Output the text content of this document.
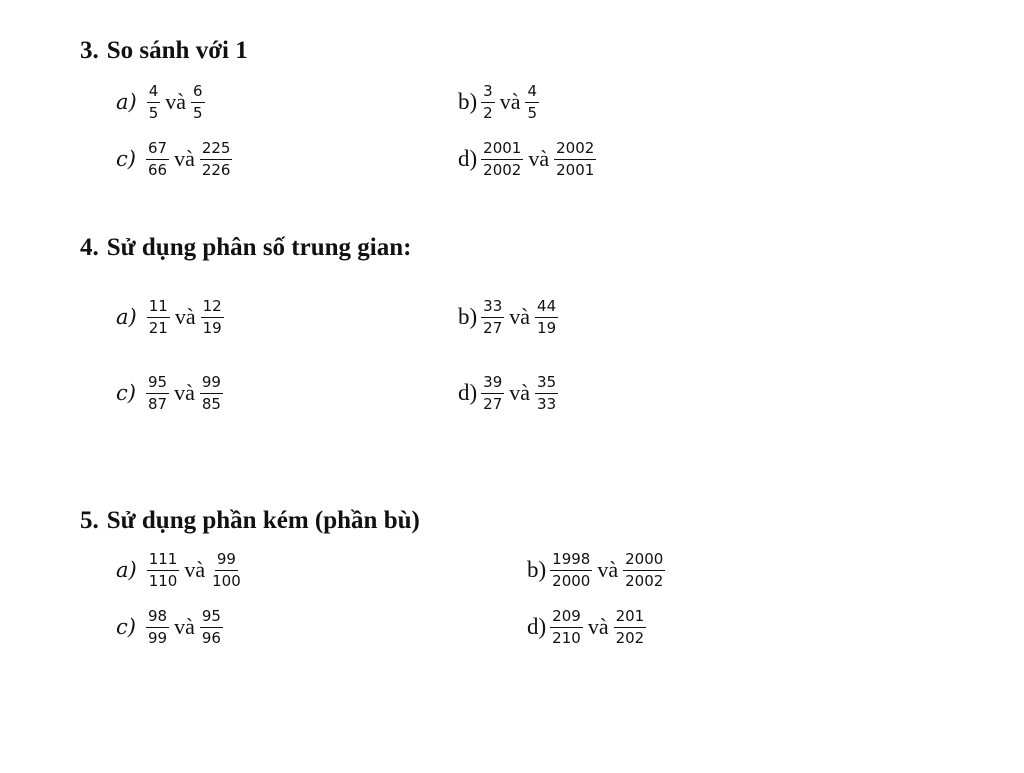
3. So sánh với 1
$a) \frac{4}{5}$ và $\frac{6}{5}$	$b) \frac{3}{2}$ và $\frac{4}{5}$
$c) \frac{67}{66}$ và $\frac{225}{226}$	$d) \frac{2001}{2002}$ và $\frac{2002}{2001}$
4. Sử dụng phân số trung gian:
$a) \frac{11}{21}$ và $\frac{12}{19}$	$b) \frac{33}{27}$ và $\frac{44}{19}$
$c) \frac{95}{87}$ và $\frac{99}{85}$	$d) \frac{39}{27}$ và $\frac{35}{33}$
5. Sử dụng phần kém (phần bù)
$a) \frac{111}{110}$ và $\frac{99}{100}$	$b) \frac{1998}{2000}$ và $\frac{2000}{2002}$
$c) \frac{98}{99}$ và $\frac{95}{96}$	$d) \frac{209}{210}$ và $\frac{201}{202}$
